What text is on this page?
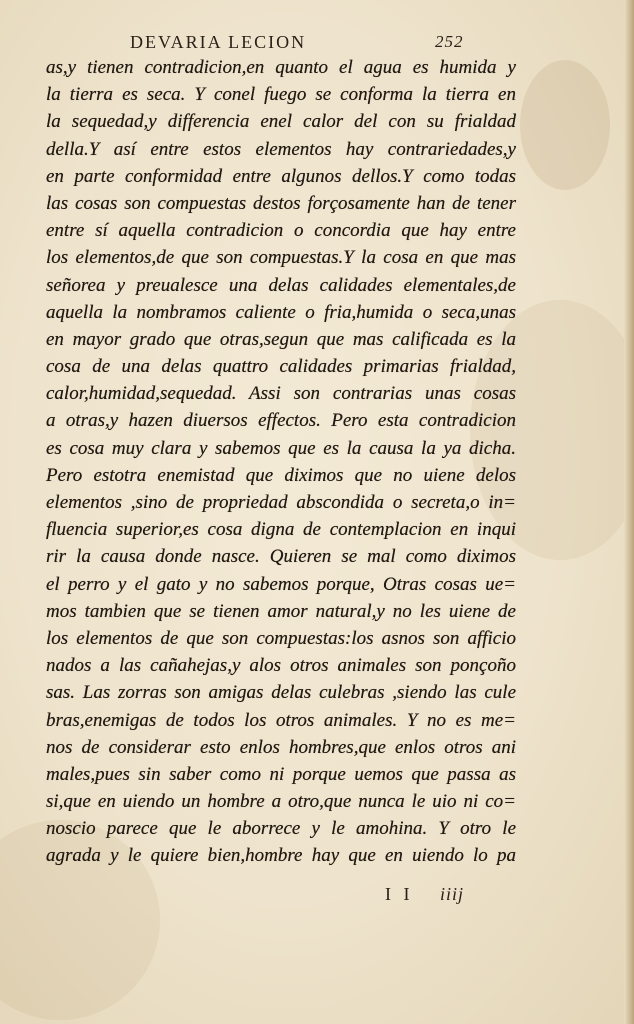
DEVARIA LECION	252
as,y tienen contradicion,en quanto el agua es humida y
la tierra es seca. Y conel fuego se conforma la tierra en
la sequedad,y differencia enel calor del con su frialdad
della.Y así entre estos elementos hay contrariedades,y
en parte conformidad entre algunos dellos.Y como todas
las cosas son compuestas destos forçosamente han de tener
entre sí aquella contradicion o concordia que hay entre
los elementos,de que son compuestas.Y la cosa en que mas
señorea y preualesce una delas calidades elementales,de
aquella la nombramos caliente o fria,humida o seca,unas
en mayor grado que otras,segun que mas calificada es la
cosa de una delas quattro calidades primarias frialdad,
calor,humidad,sequedad. Assi son contrarias unas cosas
a otras,y hazen diuersos effectos. Pero esta contradicion
es cosa muy clara y sabemos que es la causa la ya dicha.
Pero estotra enemistad que diximos que no uiene delos
elementos ,sino de propriedad abscondida o secreta,o in=
fluencia superior,es cosa digna de contemplacion en inqui
rir la causa donde nasce. Quieren se mal como diximos
el perro y el gato y no sabemos porque, Otras cosas ue=
mos tambien que se tienen amor natural,y no les uiene de
los elementos de que son compuestas:los asnos son afficio
nados a las cañahejas,y alos otros animales son ponçoño
sas. Las zorras son amigas delas culebras ,siendo las cule
bras,enemigas de todos los otros animales. Y no es me=
nos de considerar esto enlos hombres,que enlos otros ani
males,pues sin saber como ni porque uemos que passa as
si,que en uiendo un hombre a otro,que nunca le uio ni co=
noscio parece que le aborrece y le amohina. Y otro le
agrada y le quiere bien,hombre hay que en uiendo lo pa
I I iiij
